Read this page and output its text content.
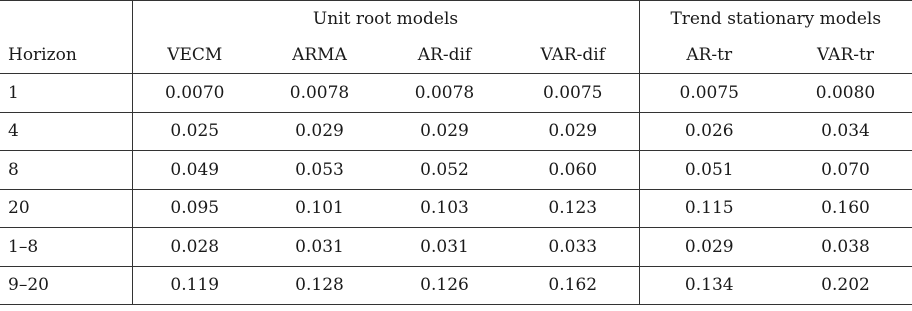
	Unit root models				Trend stationary models	
Horizon	VECM	ARMA	AR-dif	VAR-dif	AR-tr	VAR-tr
1	0.0070	0.0078	0.0078	0.0075	0.0075	0.0080
4	0.025	0.029	0.029	0.029	0.026	0.034
8	0.049	0.053	0.052	0.060	0.051	0.070
20	0.095	0.101	0.103	0.123	0.115	0.160
1–8	0.028	0.031	0.031	0.033	0.029	0.038
9–20	0.119	0.128	0.126	0.162	0.134	0.202
